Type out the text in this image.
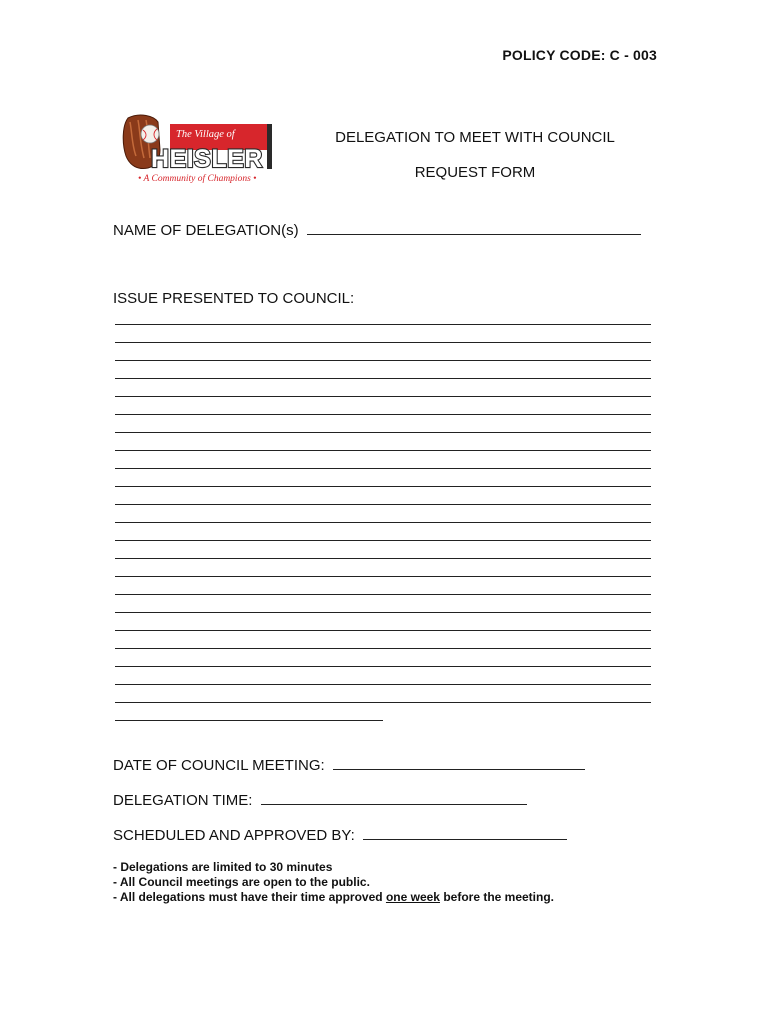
POLICY CODE: C - 003
The Village of
HEISLER
• A Community of Champions •
DELEGATION TO MEET WITH COUNCIL
REQUEST FORM
NAME OF DELEGATION(s)
ISSUE PRESENTED TO COUNCIL:
DATE OF COUNCIL MEETING:
DELEGATION TIME:
SCHEDULED AND APPROVED BY:
- Delegations are limited to 30 minutes
- All Council meetings are open to the public.
- All delegations must have their time approved one week before the meeting.
